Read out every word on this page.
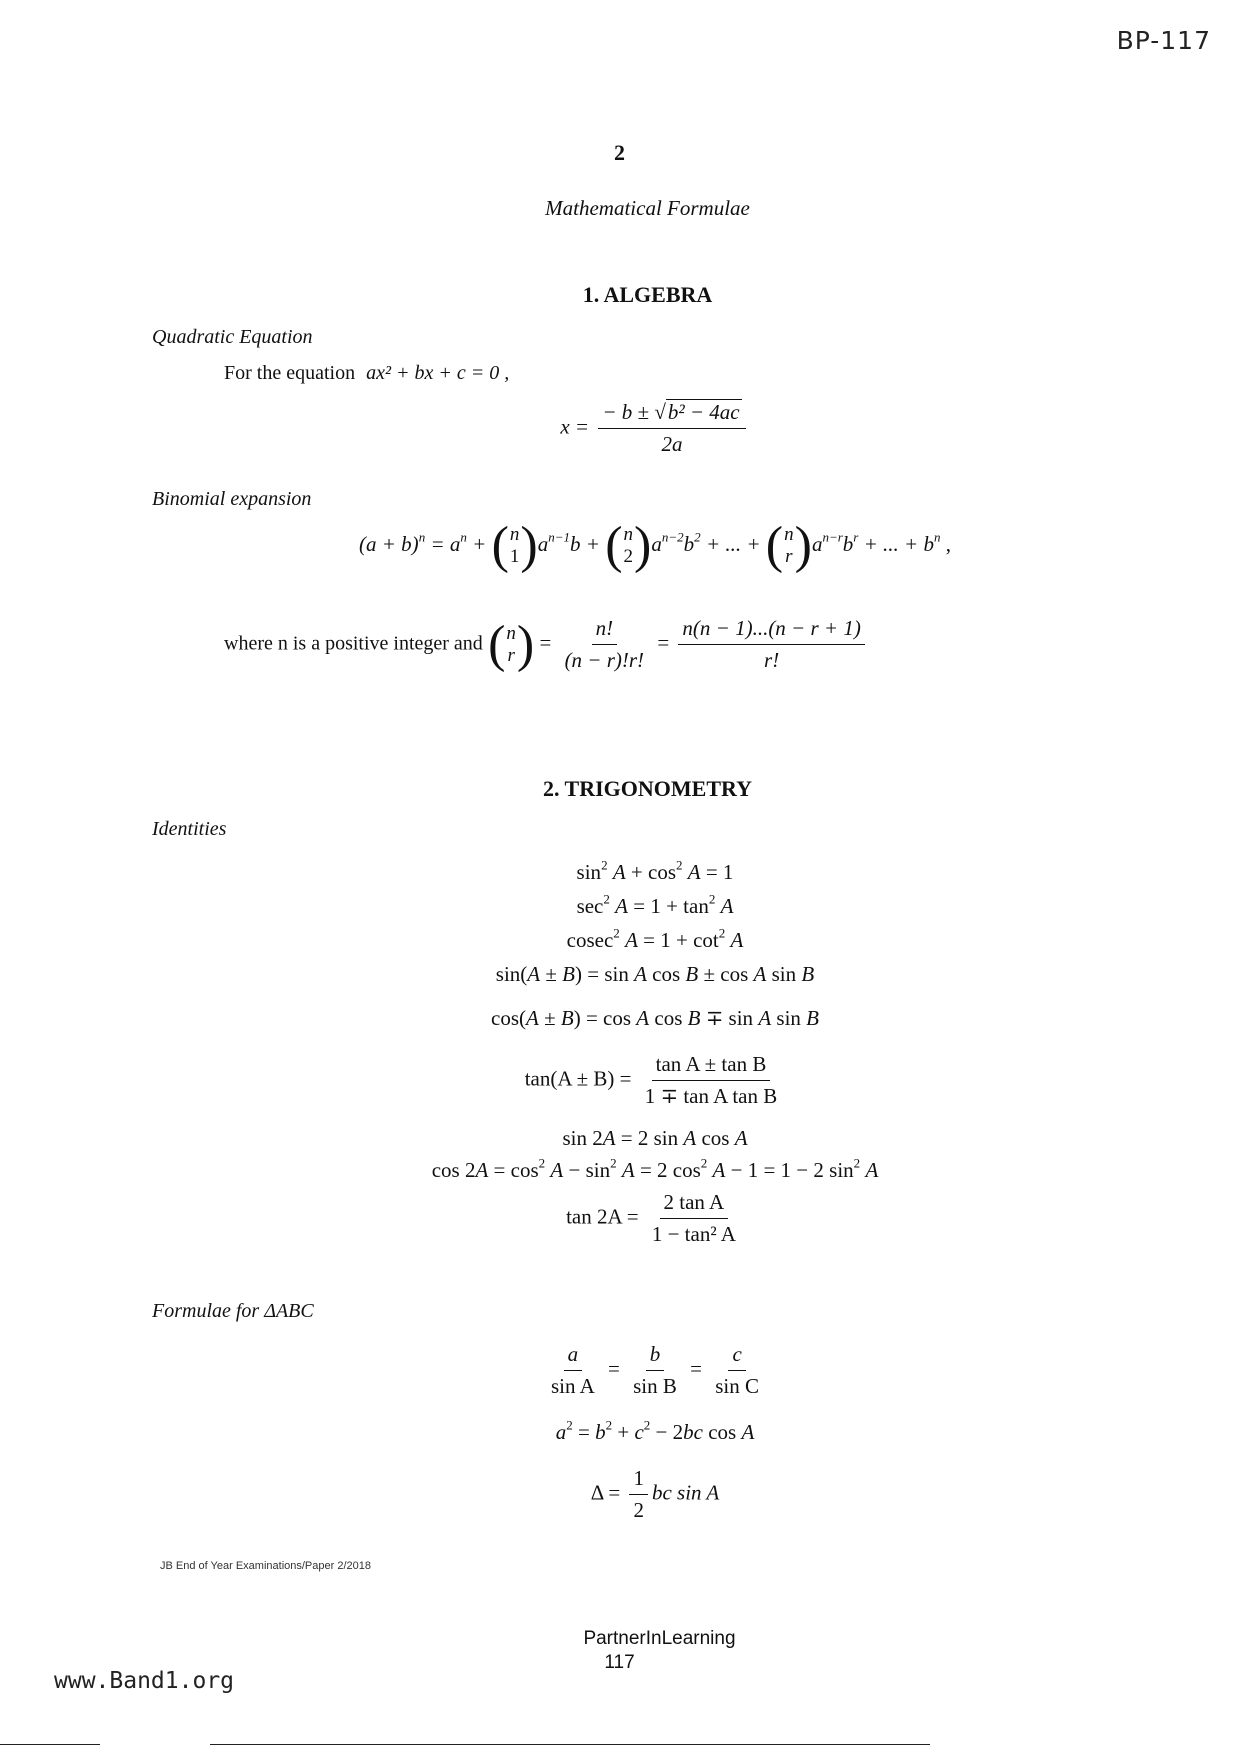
BP-117
2
Mathematical Formulae
1. ALGEBRA
Quadratic Equation
For the equation ax² + bx + c = 0 ,
$x = \frac{\text{− b ± √b² − 4ac}}{2a}$
Binomial expansion
$(a + b)^n = a^n$ + ( n
1 ) $a^{n-1}b$ + ( n
2 ) $a^{n-2}b^2$ + ... + ( n
r ) $a^{n-r}b^r$ + ... + $b^n$ ,
where n is a positive integer and ( n
r ) = $\frac{n!}{(n - r)!r!} = \frac{n(n - 1)...(n - r + 1)}{r!}$
2. TRIGONOMETRY
Identities
$\sin^2 A + \cos^2 A = 1$
$\sec^2 A = 1 + \tan^2 A$
cosec$^2$ $A = 1 + \cot^2 A$
sin(A ± B) = sin A cos B ± cos A sin B
cos(A ± B) = cos A cos B ∓ sin A sin B
$\tan(A \pm B) = \frac{\text{tan A ± tan B}}{\text{1 ∓ tan A tan B}}$
sin 2A = 2 sin A cos A
$\cos 2A = \cos^2 A - \sin^2 A = 2$ $\cos^2 A - 1 = 1 - 2$ $\sin^2 A$
$\tan 2A = \frac{\text{2 tan A}}{\text{1 − tan² A}}$
Formulae for ΔABC
$\frac{a}{\text{sin A}} = \frac{b}{\text{sin B}} = \frac{c}{\text{sin C}}$
$a^2 = b^2 + c^2 - 2bc$ cos A
$\Delta = \frac{1}{2}$ bc sin A
JB End of Year Examinations/Paper 2/2018
PartnerInLearning
117
www.Band1.org
